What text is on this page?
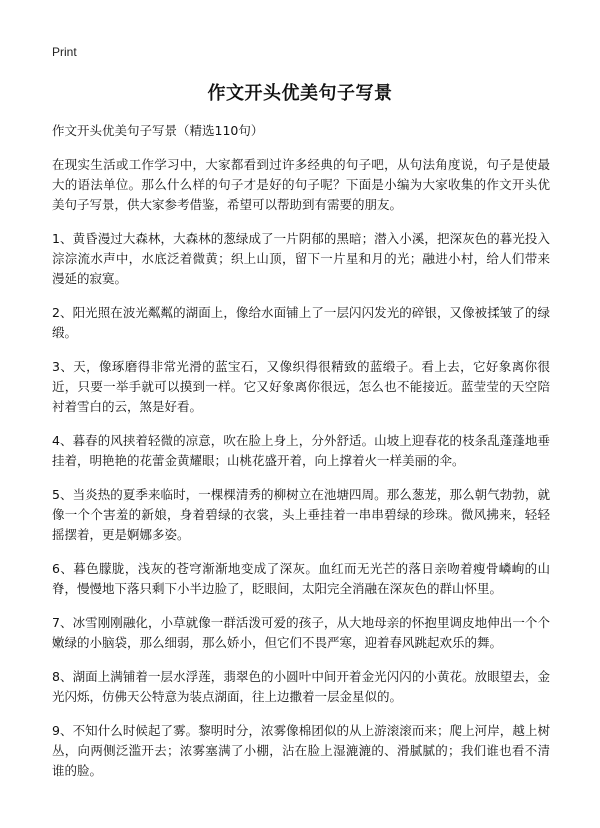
Print
作文开头优美句子写景

作文开头优美句子写景（精选110句）

在现实生活或工作学习中，大家都看到过许多经典的句子吧，从句法角度说，句子是使最大的语法单位。那么什么样的句子才是好的句子呢？下面是小编为大家收集的作文开头优美句子写景，供大家参考借鉴，希望可以帮助到有需要的朋友。

1、黄昏漫过大森林，大森林的葱绿成了一片阴郁的黑暗；潜入小溪，把深灰色的暮光投入淙淙流水声中，水底泛着微黄；织上山顶，留下一片星和月的光；融进小村，给人们带来漫延的寂寞。

2、阳光照在波光粼粼的湖面上，像给水面铺上了一层闪闪发光的碎银，又像被揉皱了的绿缎。

3、天，像琢磨得非常光滑的蓝宝石，又像织得很精致的蓝缎子。看上去，它好象离你很近，只要一举手就可以摸到一样。它又好象离你很远，怎么也不能接近。蓝莹莹的天空陪衬着雪白的云，煞是好看。

4、暮春的风挟着轻微的凉意，吹在脸上身上，分外舒适。山坡上迎春花的枝条乱蓬蓬地垂挂着，明艳艳的花蕾金黄耀眼；山桃花盛开着，向上撑着火一样美丽的伞。

5、当炎热的夏季来临时，一棵棵清秀的柳树立在池塘四周。那么葱茏，那么朝气勃勃，就像一个个害羞的新娘，身着碧绿的衣裳，头上垂挂着一串串碧绿的珍珠。微风拂来，轻轻摇摆着，更是婀娜多姿。

6、暮色朦胧，浅灰的苍穹渐渐地变成了深灰。血红而无光芒的落日亲吻着瘦骨嶙峋的山脊，慢慢地下落只剩下小半边脸了，眨眼间，太阳完全消融在深灰色的群山怀里。

7、冰雪刚刚融化，小草就像一群活泼可爱的孩子，从大地母亲的怀抱里调皮地伸出一个个嫩绿的小脑袋，那么细弱，那么娇小，但它们不畏严寒，迎着春风跳起欢乐的舞。

8、湖面上满铺着一层水浮莲，翡翠色的小圆叶中间开着金光闪闪的小黄花。放眼望去，金光闪烁，仿佛天公特意为装点湖面，往上边撒着一层金星似的。

9、不知什么时候起了雾。黎明时分，浓雾像棉团似的从上游滚滚而来；爬上河岸，越上树丛，向两侧泛滥开去；浓雾塞满了小棚，沾在脸上湿漉漉的、滑腻腻的；我们谁也看不清谁的脸。
